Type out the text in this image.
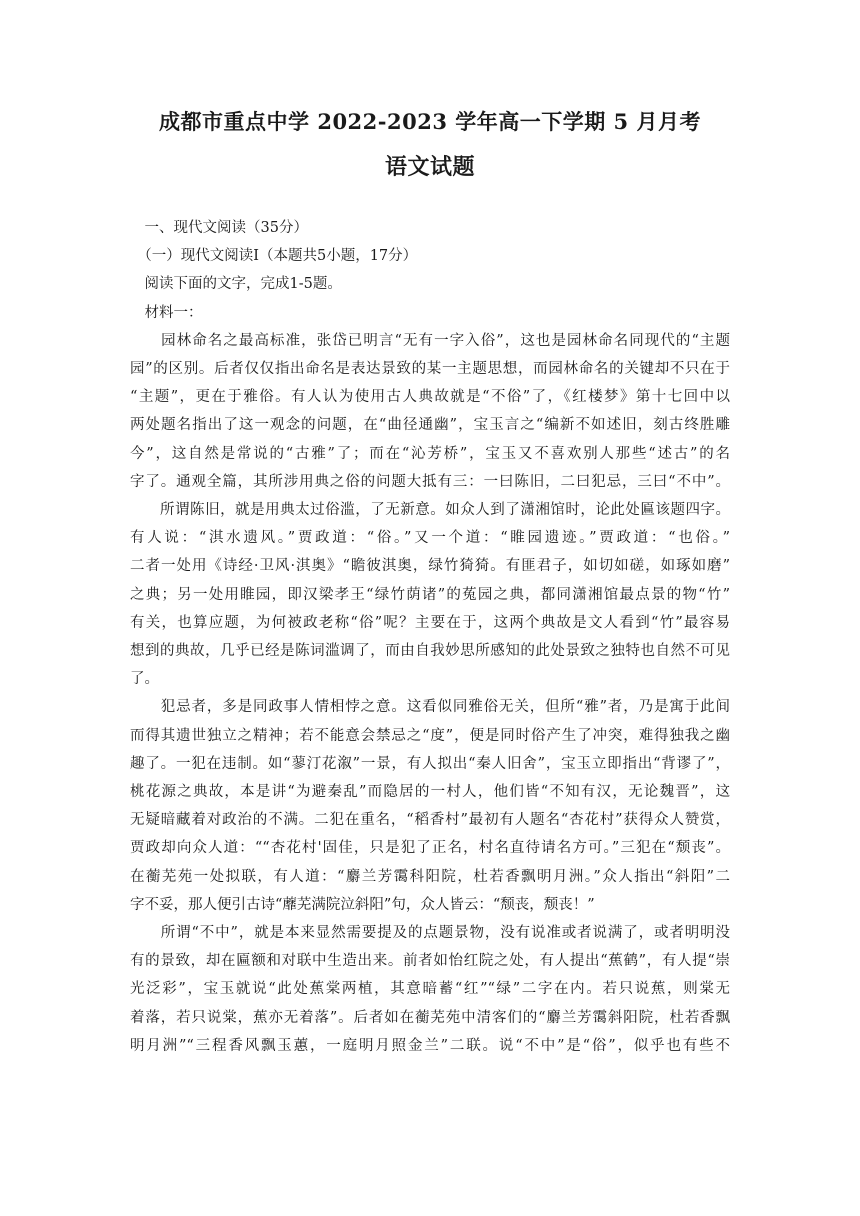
成都市重点中学 2022-2023 学年高一下学期 5 月月考
语文试题

　一、现代文阅读（35分）

　（一）现代文阅读I（本题共5小题，17分）

　阅读下面的文字，完成1-5题。

　材料一：

　　园林命名之最高标准，张岱已明言“无有一字入俗”，这也是园林命名同现代的“主题

园”的区别。后者仅仅指出命名是表达景致的某一主题思想，而园林命名的关键却不只在于

“主题”，更在于雅俗。有人认为使用古人典故就是“不俗”了，《红楼梦》第十七回中以

两处题名指出了这一观念的问题，在“曲径通幽”，宝玉言之“编新不如述旧，刻古终胜雕

今”，这自然是常说的“古雅”了；而在“沁芳桥”，宝玉又不喜欢别人那些“述古”的名

字了。通观全篇，其所涉用典之俗的问题大抵有三：一曰陈旧，二曰犯忌，三曰“不中”。

　　所谓陈旧，就是用典太过俗滥，了无新意。如众人到了潇湘馆时，论此处匾该题四字。

有人说：“淇水遗风。”贾政道：“俗。”又一个道：“睢园遗迹。”贾政道：“也俗。”

二者一处用《诗经·卫风·淇奥》“瞻彼淇奥，绿竹猗猗。有匪君子，如切如磋，如琢如磨”

之典；另一处用睢园，即汉梁孝王“绿竹荫诸”的菟园之典，都同潇湘馆最点景的物“竹”

有关，也算应题，为何被政老称“俗”呢？主要在于，这两个典故是文人看到“竹”最容易

想到的典故，几乎已经是陈词滥调了，而由自我妙思所感知的此处景致之独特也自然不可见

了。

　　犯忌者，多是同政事人情相悖之意。这看似同雅俗无关，但所“雅”者，乃是寓于此间

而得其遗世独立之精神；若不能意会禁忌之“度”，便是同时俗产生了冲突，难得独我之幽

趣了。一犯在违制。如“蓼汀花溆”一景，有人拟出“秦人旧舍”，宝玉立即指出“背谬了”，

桃花源之典故，本是讲“为避秦乱”而隐居的一村人，他们皆“不知有汉，无论魏晋”，这

无疑暗藏着对政治的不满。二犯在重名，“稻香村”最初有人题名“杏花村”获得众人赞赏，

贾政却向众人道：““杏花村'固佳，只是犯了正名，村名直待请名方可。”三犯在“颓丧”。

在蘅芜苑一处拟联，有人道：“麝兰芳霭科阳院，杜若香飘明月洲。”众人指出“斜阳”二

字不妥，那人便引古诗“蘼芜满院泣斜阳”句，众人皆云：“颓丧，颓丧！”

　　所谓“不中”，就是本来显然需要提及的点题景物，没有说准或者说满了，或者明明没

有的景致，却在匾额和对联中生造出来。前者如怡红院之处，有人提出“蕉鹤”，有人提“崇

光泛彩”，宝玉就说“此处蕉棠两植，其意暗蓄“红”“绿”二字在内。若只说蕉，则棠无

着落，若只说棠，蕉亦无着落”。后者如在蘅芜苑中清客们的“麝兰芳霭斜阳院，杜若香飘

明月洲”“三程香风飘玉蕙，一庭明月照金兰”二联。说“不中”是“俗”，似乎也有些不
